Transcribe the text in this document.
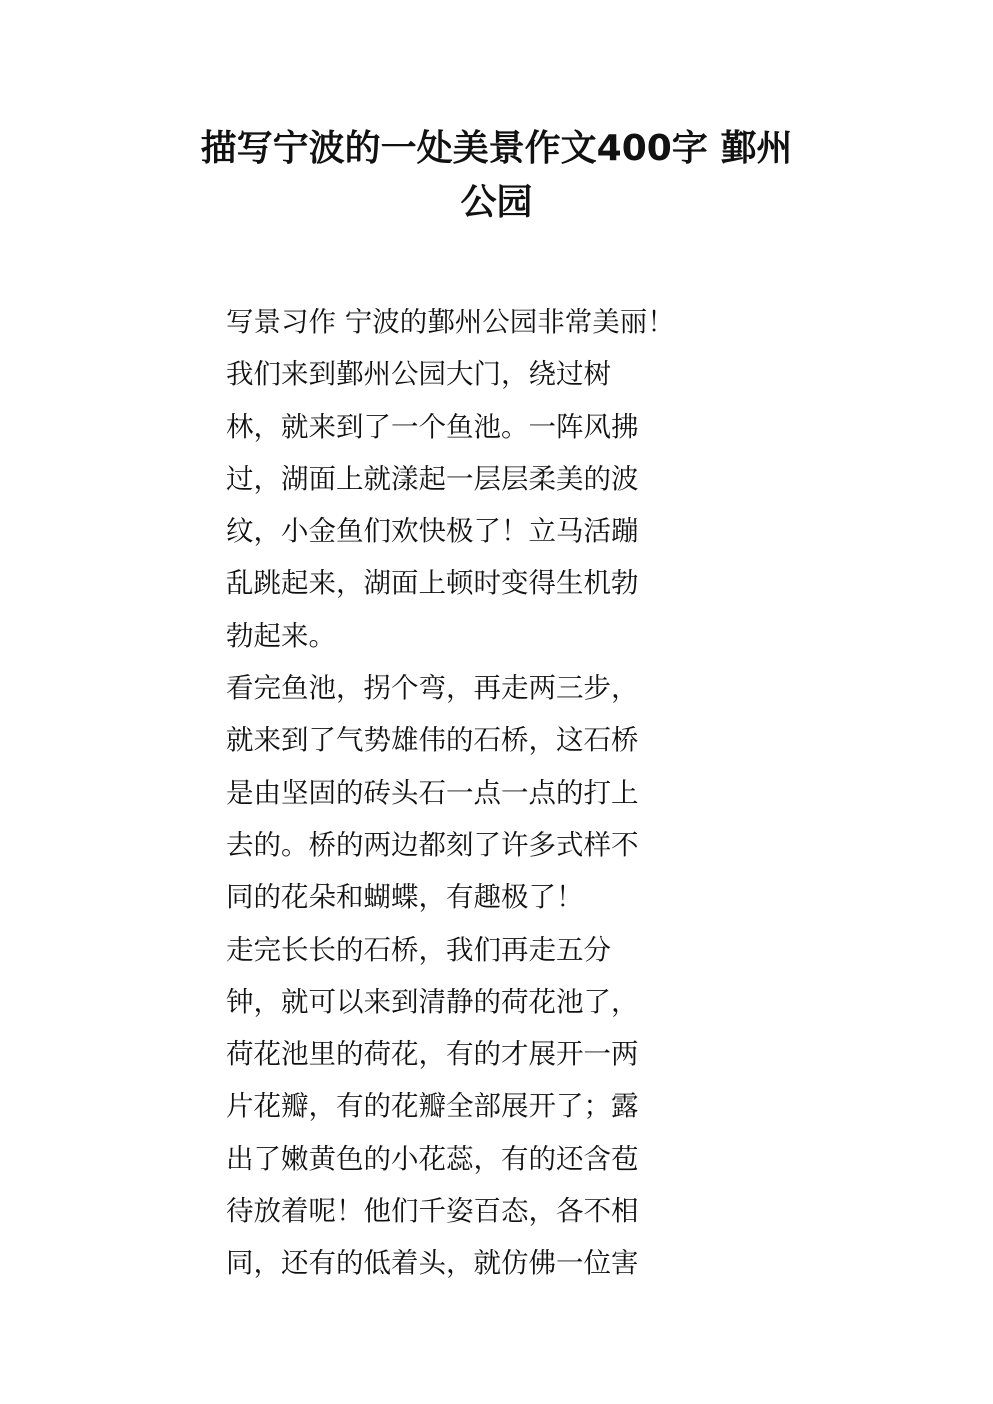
描写宁波的一处美景作文400字 鄞州
公园
写景习作 宁波的鄞州公园非常美丽！
我们来到鄞州公园大门，绕过树
林，就来到了一个鱼池。一阵风拂
过，湖面上就漾起一层层柔美的波
纹，小金鱼们欢快极了！立马活蹦
乱跳起来，湖面上顿时变得生机勃
勃起来。
看完鱼池，拐个弯，再走两三步，
就来到了气势雄伟的石桥，这石桥
是由坚固的砖头石一点一点的打上
去的。桥的两边都刻了许多式样不
同的花朵和蝴蝶，有趣极了！
走完长长的石桥，我们再走五分
钟，就可以来到清静的荷花池了，
荷花池里的荷花，有的才展开一两
片花瓣，有的花瓣全部展开了；露
出了嫩黄色的小花蕊，有的还含苞
待放着呢！他们千姿百态，各不相
同，还有的低着头，就仿佛一位害
